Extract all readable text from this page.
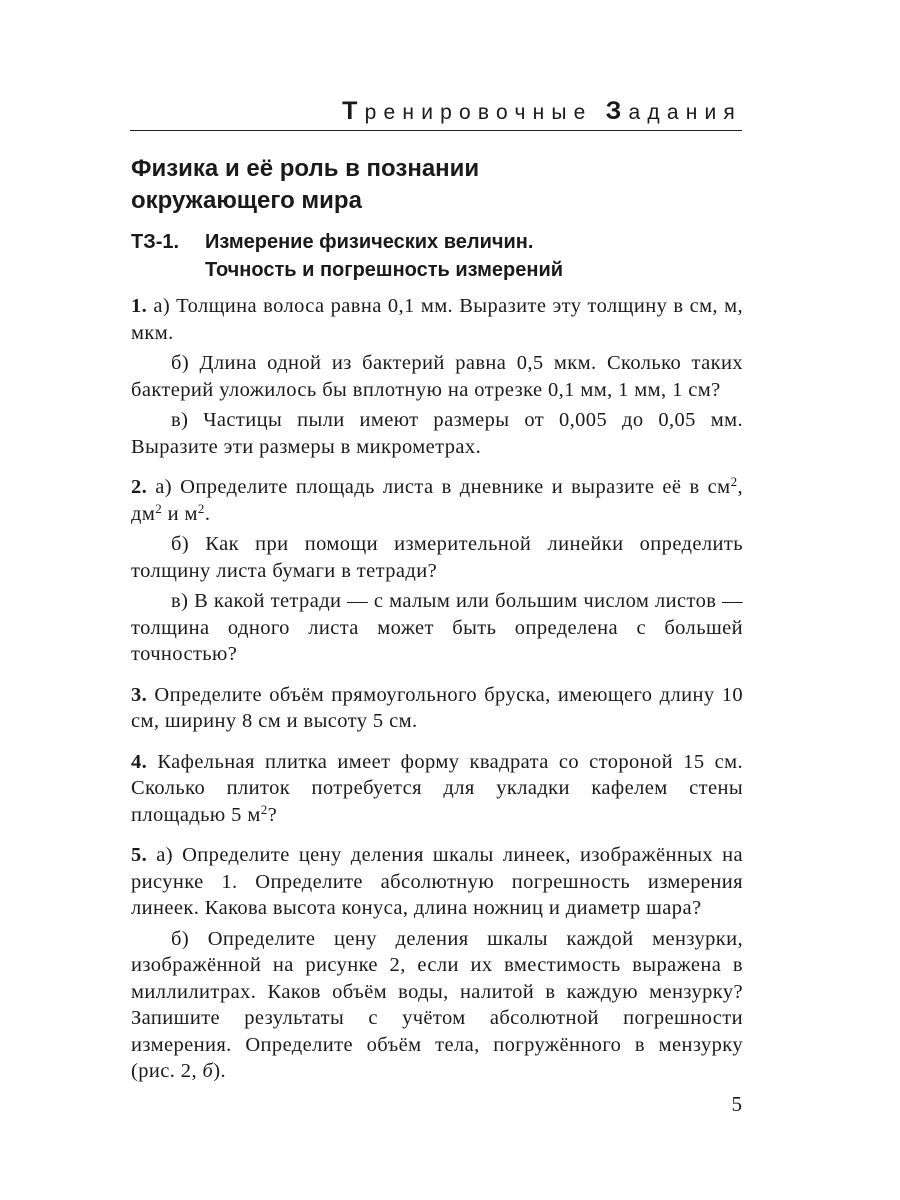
Тренировочные Задания
Физика и её роль в познании
окружающего мира
ТЗ-1.	Измерение физических величин.
Точность и погрешность измерений

1. а) Толщина волоса равна 0,1 мм. Выразите эту толщину в см, м, мкм.

б) Длина одной из бактерий равна 0,5 мкм. Сколько таких бактерий уложилось бы вплотную на отрезке 0,1 мм, 1 мм, 1 см?

в) Частицы пыли имеют размеры от 0,005 до 0,05 мм. Выразите эти размеры в микрометрах.

2. а) Определите площадь листа в дневнике и выразите её в $см^2$, $дм^2$ и $м^2$.

б) Как при помощи измерительной линейки определить толщину листа бумаги в тетради?

в) В какой тетради — с малым или большим числом листов — толщина одного листа может быть определена с большей точностью?

3. Определите объём прямоугольного бруска, имеющего длину 10 см, ширину 8 см и высоту 5 см.

4. Кафельная плитка имеет форму квадрата со стороной 15 см. Сколько плиток потребуется для укладки кафелем стены площадью 5 $м^2$?

5. а) Определите цену деления шкалы линеек, изображённых на рисунке 1. Определите абсолютную погрешность измерения линеек. Какова высота конуса, длина ножниц и диаметр шара?

б) Определите цену деления шкалы каждой мензурки, изображённой на рисунке 2, если их вместимость выражена в миллилитрах. Каков объём воды, налитой в каждую мензурку? Запишите результаты с учётом абсолютной погрешности измерения. Определите объём тела, погружённого в мензурку (рис. 2, б).

5
